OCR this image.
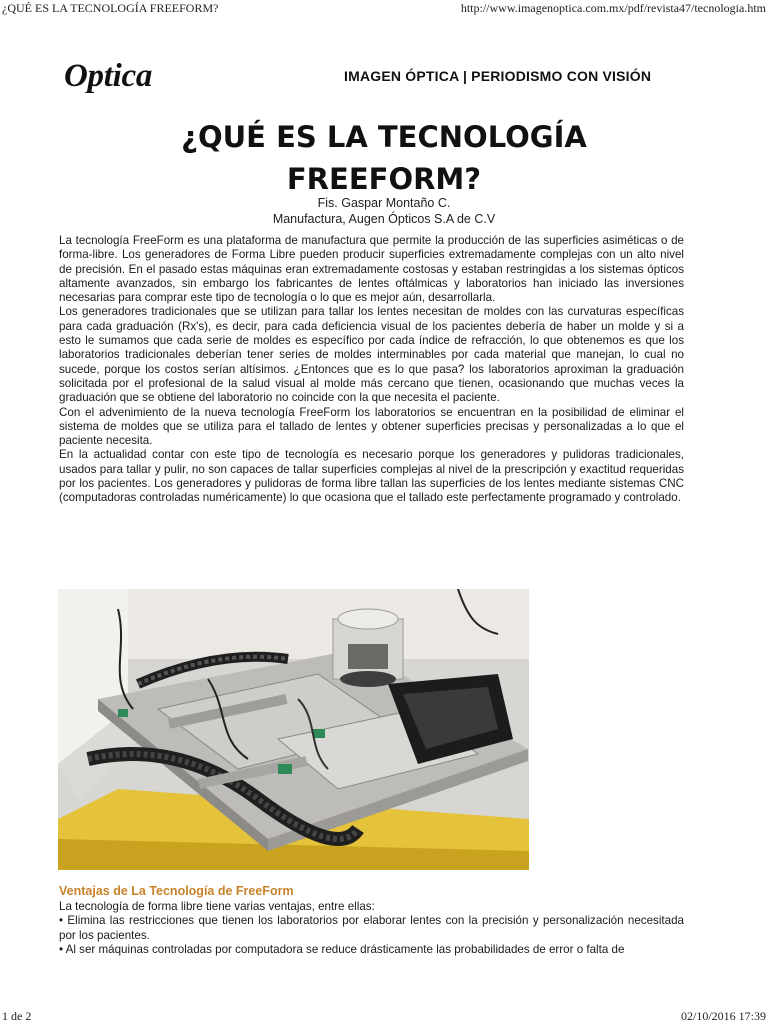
¿QUÉ ES LA TECNOLOGÍA FREEFORM?	http://www.imagenoptica.com.mx/pdf/revista47/tecnologia.htm
Optica	IMAGEN ÓPTICA | PERIODISMO CON VISIÓN
¿QUÉ ES LA TECNOLOGÍA
FREEFORM?
Fis. Gaspar Montaño C.
Manufactura, Augen Ópticos S.A de C.V

La tecnología FreeForm es una plataforma de manufactura que permite la producción de las superficies asiméticas o de forma-libre. Los generadores de Forma Libre pueden producir superficies extremadamente complejas con un alto nivel de precisión. En el pasado estas máquinas eran extremadamente costosas y estaban restringidas a los sistemas ópticos altamente avanzados, sin embargo los fabricantes de lentes oftálmicas y laboratorios han iniciado las inversiones necesarias para comprar este tipo de tecnología o lo que es mejor aún, desarrollarla.

Los generadores tradicionales que se utilizan para tallar los lentes necesitan de moldes con las curvaturas específicas para cada graduación (Rx's), es decir, para cada deficiencia visual de los pacientes debería de haber un molde y si a esto le sumamos que cada serie de moldes es específico por cada índice de refracción, lo que obtenemos es que los laboratorios tradicionales deberían tener series de moldes interminables por cada material que manejan, lo cual no sucede, porque los costos serían altísimos. ¿Entonces que es lo que pasa? los laboratorios aproximan la graduación solicitada por el profesional de la salud visual al molde más cercano que tienen, ocasionando que muchas veces la graduación que se obtiene del laboratorio no coincide con la que necesita el paciente.

Con el advenimiento de la nueva tecnología FreeForm los laboratorios se encuentran en la posibilidad de eliminar el sistema de moldes que se utiliza para el tallado de lentes y obtener superficies precisas y personalizadas a lo que el paciente necesita.

En la actualidad contar con este tipo de tecnología es necesario porque los generadores y pulidoras tradicionales, usados para tallar y pulir, no son capaces de tallar superficies complejas al nivel de la prescripción y exactitud requeridas por los pacientes. Los generadores y pulidoras de forma libre tallan las superficies de los lentes mediante sistemas CNC (computadoras controladas numéricamente) lo que ocasiona que el tallado este perfectamente programado y controlado.

Ventajas de La Tecnología de FreeForm

La tecnología de forma libre tiene varias ventajas, entre ellas:

• Elimina las restricciones que tienen los laboratorios por elaborar lentes con la precisión y personalización necesitada por los pacientes.

• Al ser máquinas controladas por computadora se reduce drásticamente las probabilidades de error o falta de

1 de 2	02/10/2016 17:39
